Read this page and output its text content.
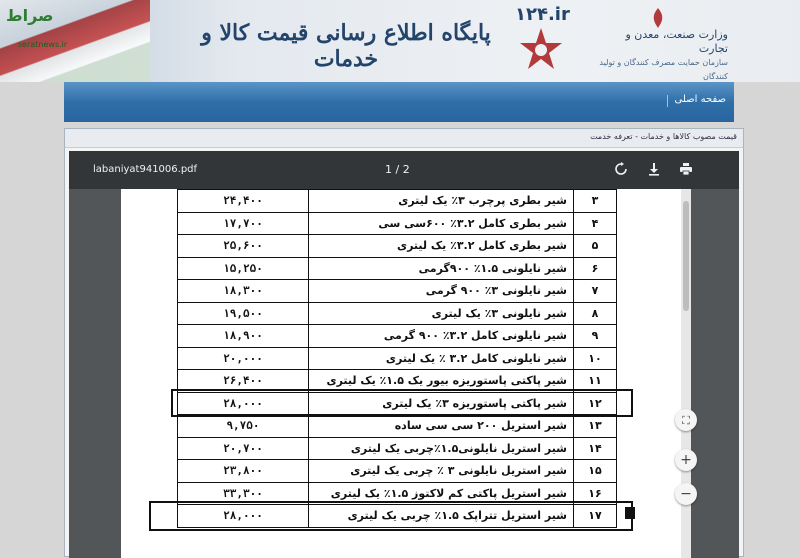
صراط
seratnews.ir	پایگاه اطلاع رسانی قیمت کالا و خدمات
۱۲۴.ir
وزارت صنعت، معدن و تجارت
سازمان حمایت مصرف کنندگان و تولید کنندگان
صفحه اصلی
قیمت مصوب کالاها و خدمات - تعرفه خدمت
labaniyat941006.pdf	1 / 2
۲۴,۴۰۰	شیر بطری پرچرب ۳٪ یک لیتری	۳
۱۷,۷۰۰	شیر بطری کامل ۳.۲٪ ۶۰۰سی سی	۴
۲۵,۶۰۰	شیر بطری کامل ۳.۲٪ یک لیتری	۵
۱۵,۲۵۰	شیر نایلونی ۱.۵٪ ۹۰۰گرمی	۶
۱۸,۳۰۰	شیر نایلونی ۳٪ ۹۰۰ گرمی	۷
۱۹,۵۰۰	شیر نایلونی ۳٪ یک لیتری	۸
۱۸,۹۰۰	شیر نایلونی کامل ۳.۲٪ ۹۰۰ گرمی	۹
۲۰,۰۰۰	شیر نایلونی کامل ۳.۲ ٪ یک لیتری	۱۰
۲۶,۴۰۰	شیر پاکتی پاستوریزه بیور یک ۱.۵٪ یک لیتری	۱۱
۲۸,۰۰۰	شیر پاکتی پاستوریزه ۳٪ یک لیتری	۱۲
۹,۷۵۰	شیر استریل ۲۰۰ سی سی ساده	۱۳
۲۰,۷۰۰	شیر استریل نایلونی۱.۵٪چربی یک لیتری	۱۴
۲۳,۸۰۰	شیر استریل نایلونی ۳ ٪ چربی یک لیتری	۱۵
۳۳,۳۰۰	شیر استریل پاکتی کم لاکتوز ۱.۵٪ یک لیتری	۱۶
۲۸,۰۰۰	شیر استریل تتراپک ۱.۵٪ چربی یک لیتری	۱۷
⛶
+
−
